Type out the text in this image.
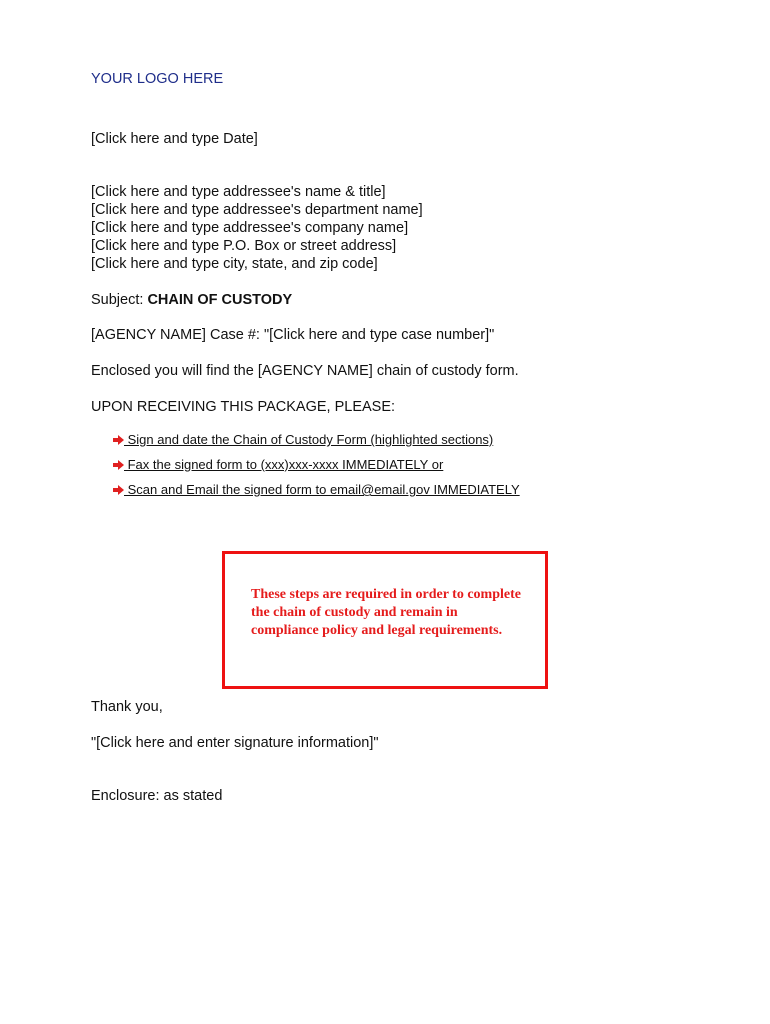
YOUR LOGO HERE
[Click here and type Date]
[Click here and type addressee's name & title]
[Click here and type addressee's department name]
[Click here and type addressee's company name]
[Click here and type P.O. Box or street address]
[Click here and type city, state, and zip code]
Subject: CHAIN OF CUSTODY
[AGENCY NAME] Case #: "[Click here and type case number]"
Enclosed you will find the [AGENCY NAME] chain of custody form.
UPON RECEIVING THIS PACKAGE, PLEASE:
Sign and date the Chain of Custody Form (highlighted sections)
Fax the signed form to (xxx)xxx-xxxx IMMEDIATELY or
Scan and Email the signed form to email@email.gov IMMEDIATELY
These steps are required in order to complete the chain of custody and remain in compliance policy and legal requirements.
Thank you,
"[Click here and enter signature information]"
Enclosure: as stated
